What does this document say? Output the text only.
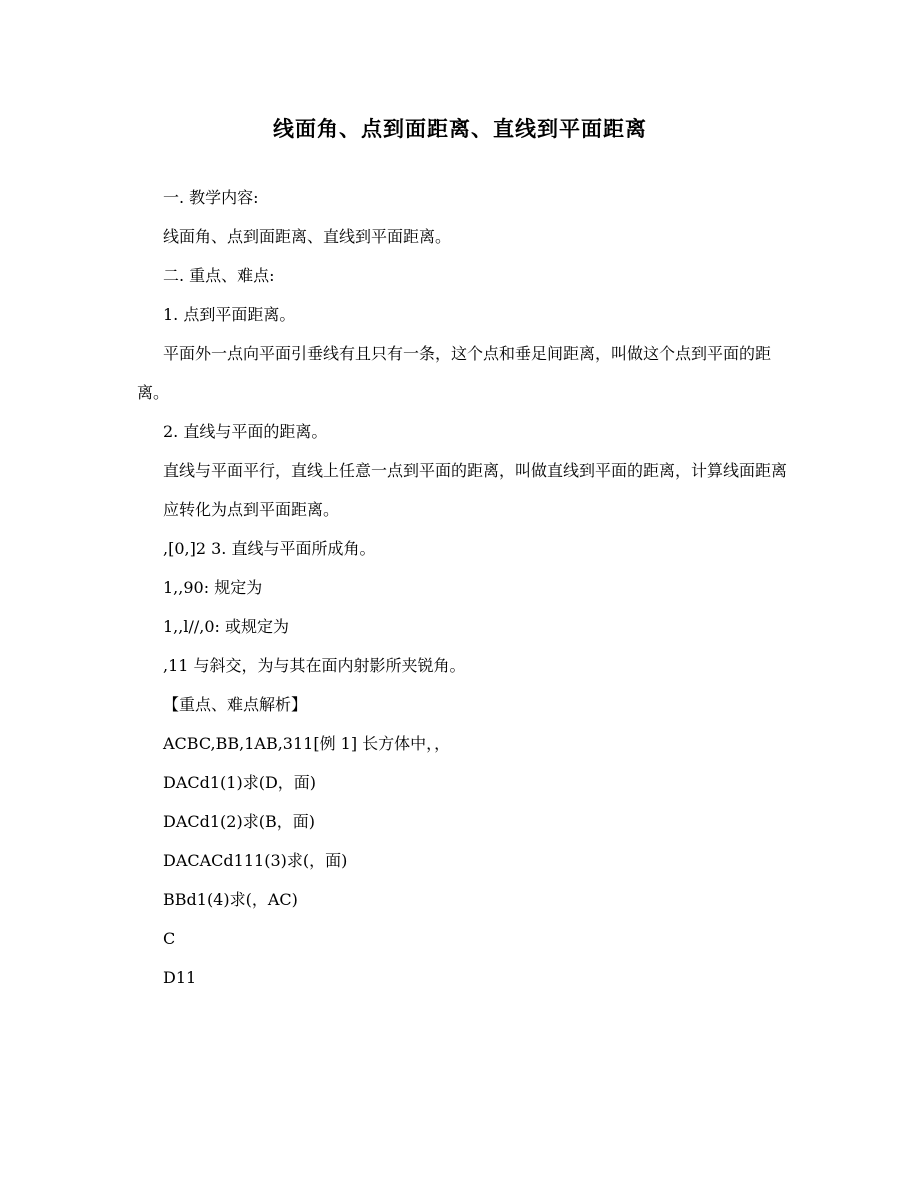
线面角、点到面距离、直线到平面距离

一. 教学内容:

线面角、点到面距离、直线到平面距离。

二. 重点、难点:

1. 点到平面距离。

平面外一点向平面引垂线有且只有一条，这个点和垂足间距离，叫做这个点到平面的距离。

2. 直线与平面的距离。

直线与平面平行，直线上任意一点到平面的距离，叫做直线到平面的距离，计算线面距离

应转化为点到平面距离。

,[0,]2 3. 直线与平面所成角。

1,,90: 规定为

1,,l//,0: 或规定为

,11 与斜交，为与其在面内射影所夹锐角。

【重点、难点解析】

ACBC,BB,1AB,311[例 1] 长方体中，，

DACd1(1)求(D，面)

DACd1(2)求(B，面)

DACACd111(3)求(，面)

BBd1(4)求(，AC)

C

D11
